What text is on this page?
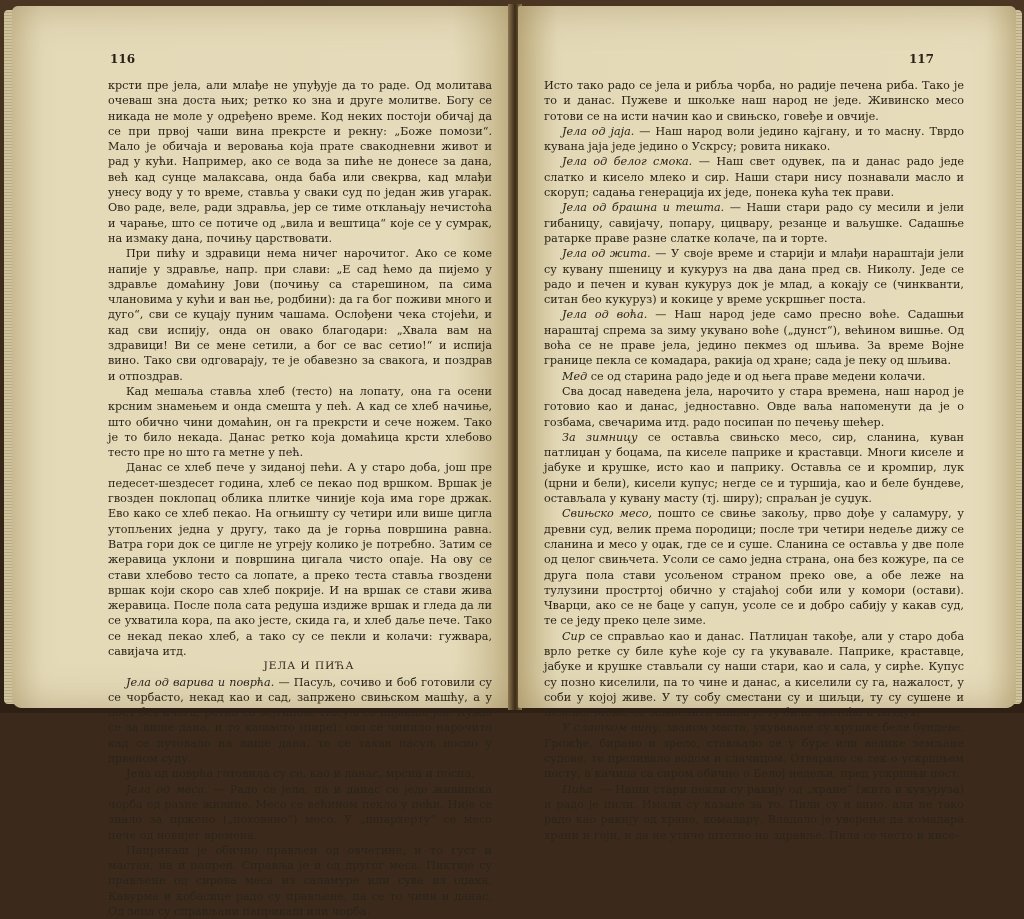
116

крсти пре јела, али млађе не упуђује да то раде. Од молитава очеваш зна доста њих; ретко ко зна и друге молитве. Богу се никада не моле у одређено време. Код неких постоји обичај да се при првој чаши вина прекрсте и рекну: „Боже помози“. Мало је обичаја и веровања која прате свакодневни живот и рад у кући. Например, ако се вода за пиће не донесе за дана, већ кад сунце малаксава, онда баба или свекрва, кад млађи унесу воду у то време, стављa у сваки суд по један жив угарак. Ово раде, веле, ради здравља, јер се тиме отклањају нечистоћа и чарање, што се потиче од „вила и вештица“ које се у сумрак, на измаку дана, почињу царствовати.

При пићу и здравици нема ничег нарочитог. Ако се коме напије у здравље, напр. при слави: „Е сад ћемо да пијемо у здравље домаћину Јови (почињу са старешином, па сима члановима у кући и ван ње, родбини): да га бог поживи много и дуго“, сви се куцају пуним чашама. Ослођени чека стојећи, и кад сви испију, онда он овако благодари: „Хвала вам на здравици! Ви се мене сетили, а бог се вас сетио!“ и испија вино. Тако сви одговарају, те је обавезно за свакога, и поздрав и отпоздрав.

Кад мешаља ставља хлеб (тесто) на лопату, она га осени крсним знамењем и онда смешта у пећ. А кад се хлеб начиње, што обично чини домаћин, он га прекрсти и сече ножем. Тако је то било некада. Данас ретко која домаћица крсти хлебово тесто пре но што га метне у пећ.

Данас се хлеб пече у зиданој пећи. А у старо доба, још пре педесет-шездесет година, хлеб се пекао под вршком. Вршак је гвозден поклопац облика плитке чиније која има горе држак. Ево како се хлеб пекао. На огњишту су четири или више цигла утопљених једна у другу, тако да је горња површина равна. Ватра гори док се цигле не угреју колико је потребно. Затим се жеравица уклони и површина цигала чисто опаје. На ову се стави хлебово тесто са лопате, а преко теста ставља гвоздени вршак који скоро сав хлеб покрије. И на вршак се стави жива жеравица. После пола сата редушa издиже вршак и гледа да ли се ухватила кора, па ако јесте, скида га, и хлеб даље пече. Тако се некад пекао хлеб, а тако су се пекли и колачи: гужвара, савијача итд.

ЈЕЛА И ПИЋА

Јела од варива и поврћа. — Пасуљ, сочиво и боб готовили су се чорбасто, некад као и сад, запржено свињском машћу, а у пост без ичега, ретко са зејтином. Пасуљ се највише јео. Кувао се за више дана, и то кашасто (пире): ово се чинило нарочито кад се путовало на више дана, те се такав пасуљ носио у дрвеном суду.

Јела од поврћа готовила су се, као и данас, мрсна и посна.

Јела од меса. — Радо се јела, па и данас се једе живинска чорба од разне живине. Месо се већином пекло у пећи. Није се знало за пржено („поховано“) месо. У „шпархерту“ се месо пече од новијег времена.

Паприкаш је обично прављен од овчетине, и то густ и мастан, на и папрен. Справља је и од другог меса. Пиктије су прављене од сирова меса из саламуре или сува из оџака. Кавурма и кобасице радо су прављене, па се то чини и данас. Од зеца су справљани паприкаш или чорба.

117

Исто тако радо се јела и рибља чорба, но радије печена риба. Тако је то и данас. Пужеве и шкољке наш народ не једе. Живинско месо готови се на исти начин као и свињско, говеђе и овчије.

Јела од јаја. — Наш народ воли једино кајгану, и то масну. Тврдо кувана јаја једе једино о Ускрсу; ровита никако.

Јела од белог смока. — Наш свет одувек, па и данас радо једе слатко и кисело млеко и сир. Наши стари нису познавали масло и скоруп; садања генерација их једе, понека кућа тек прави.

Јела од брашна и тешта. — Наши стари радо су месили и јели гибаницу, савијачу, попару, цицвару, резанце и ваљушке. Садашње ратарке праве разне слатке колаче, па и торте.

Јела од жита. — У своје време и старији и млађи нараштаји јели су кувану пшеницу и кукуруз на два дана пред св. Николу. Једе се радо и печен и куван кукуруз док је млад, а кокају се (чинкванти, ситан бео кукуруз) и кокице у време ускршњег поста.

Јела од воћа. — Наш народ једе само пресно воће. Садашњи нараштај спрема за зиму укувано воће („дунст“), већином вишње. Од воћа се не праве јела, једино пекмез од шљива. За време Војне границе пекла се комадара, ракија од хране; сада је пеку од шљива.

Мед се од старина радо једе и од њега праве медени колачи.

Сва досад наведена јела, нарочито у стара времена, наш народ је готовио као и данас, једноставно. Овде ваља напоменути да је о гозбама, свечарима итд. радо посипан по печењу шећер.

За зимницу се остављa свињско месо, сир, сланина, куван патлиџан у боцама, па киселе паприке и краставци. Многи киселе и јабуке и крушке, исто као и паприку. Остављa се и кромпир, лук (црни и бели), кисели купус; негде се и туршија, као и беле бундеве, остављала у кувану масту (тј. ширу); спраљан је суџук.

Свињско месо, пошто се свиње закољу, прво дође у саламуру, у древни суд, велик према породици; после три четири недеље дижу се сланина и месо у оџак, где се и суше. Сланина се оставља у две поле од целог свињчета. Усоли се само једна страна, она без кожуре, па се друга пола стави усољеном страном преко ове, а обе леже на тулузини простртој обично у стајаћој соби или у комори (остави). Чварци, ако се не бацe у сапун, усоле се и добро сабију у какав суд, те се једу преко целе зиме.

Сир се справљао као и данас. Патлиџан такође, али у старо доба врло ретке су биле куће које су га укувавале. Паприке, краставце, јабуке и крушке стављали су наши стари, као и сала, у сирће. Купус су позно киселили, па то чине и данас, а киселили су га, нажалост, у соби у којој живе. У ту собу сместани су и шиљци, ту су сушене и пелене! Може се замислити каква је ту била чистоћа и ваздух!

У слатком вину, званом маста, укуваване су крушке беле бундеве. Грожђе, бирано и зрело, стављало се у буре или велике земљане судове, те преливало водом и слачицом. Отварало се тек о ускршњем посту, а качица са сиром обично о Белој недељи, пред ускршњи пост.

Пића. — Наши стари пекли су ракију од „хране“ (жита и кукуруза) и радо је пили. Имали су казане за то. Пили су и вино, али не тако радо као ракију од хране, комадару. Владало је уверење да комадара храни и гоји, и да не утиче штетно на здравље. Пила се често и кисе-
